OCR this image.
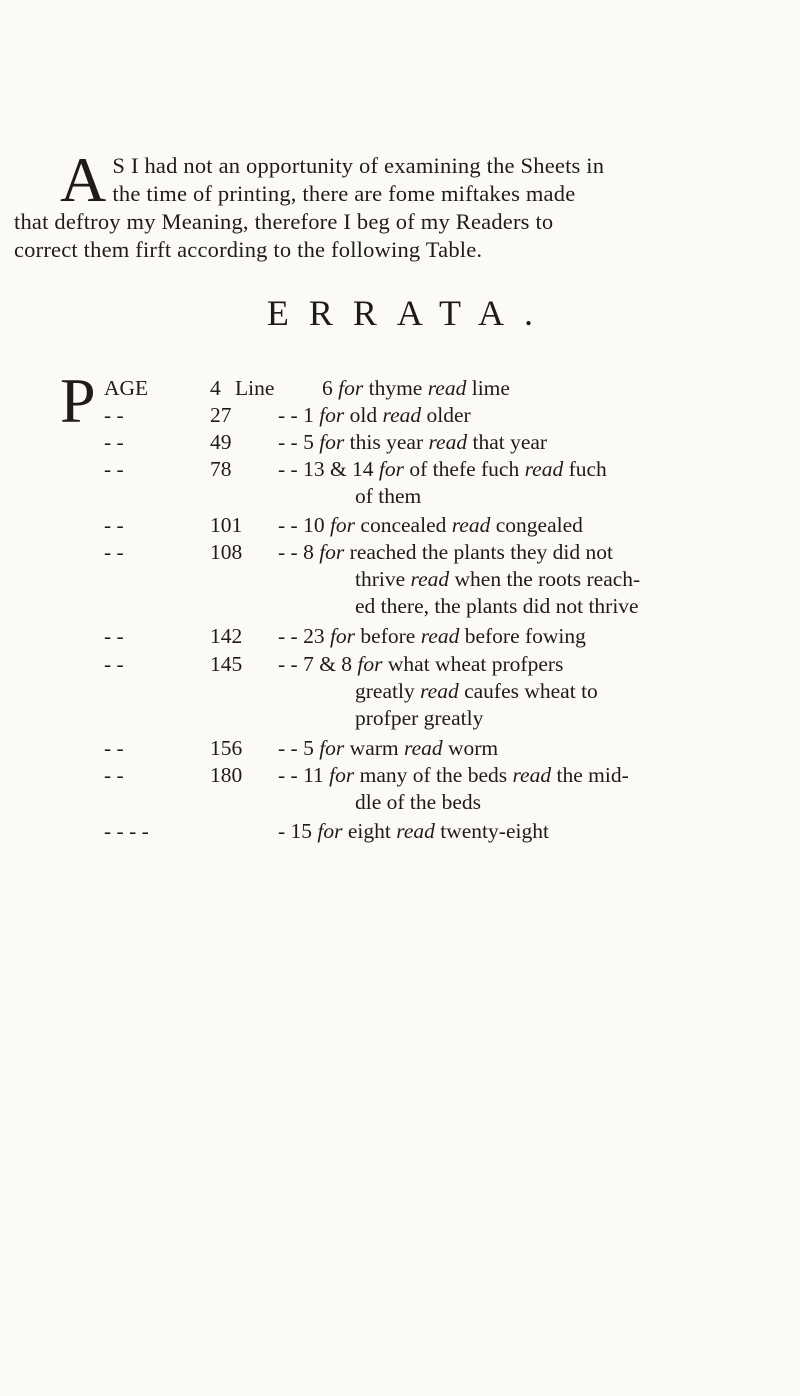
A S I had not an opportunity of examining the Sheets in
the time of printing, there are fome miftakes made
that deftroy my Meaning, therefore I beg of my Readers to
correct them firft according to the following Table.
ERRATA.
P AGE	4 Line 6 for thyme read lime
- -	27 - - 1 for old read older
- -	49 - - 5 for this year read that year
- -	78 - - 13 & 14 for of thefe fuch read fuch
of them
- -	101 - - 10 for concealed read congealed
- -	108 - - 8 for reached the plants they did not
thrive read when the roots reach-
ed there, the plants did not thrive
- -	142 - - 23 for before read before fowing
- -	145 - - 7 & 8 for what wheat profpers
greatly read caufes wheat to
profper greatly
- -	156 - - 5 for warm read worm
- -	180 - - 11 for many of the beds read the mid-
dle of the beds
- - - -	- 15 for eight read twenty-eight
